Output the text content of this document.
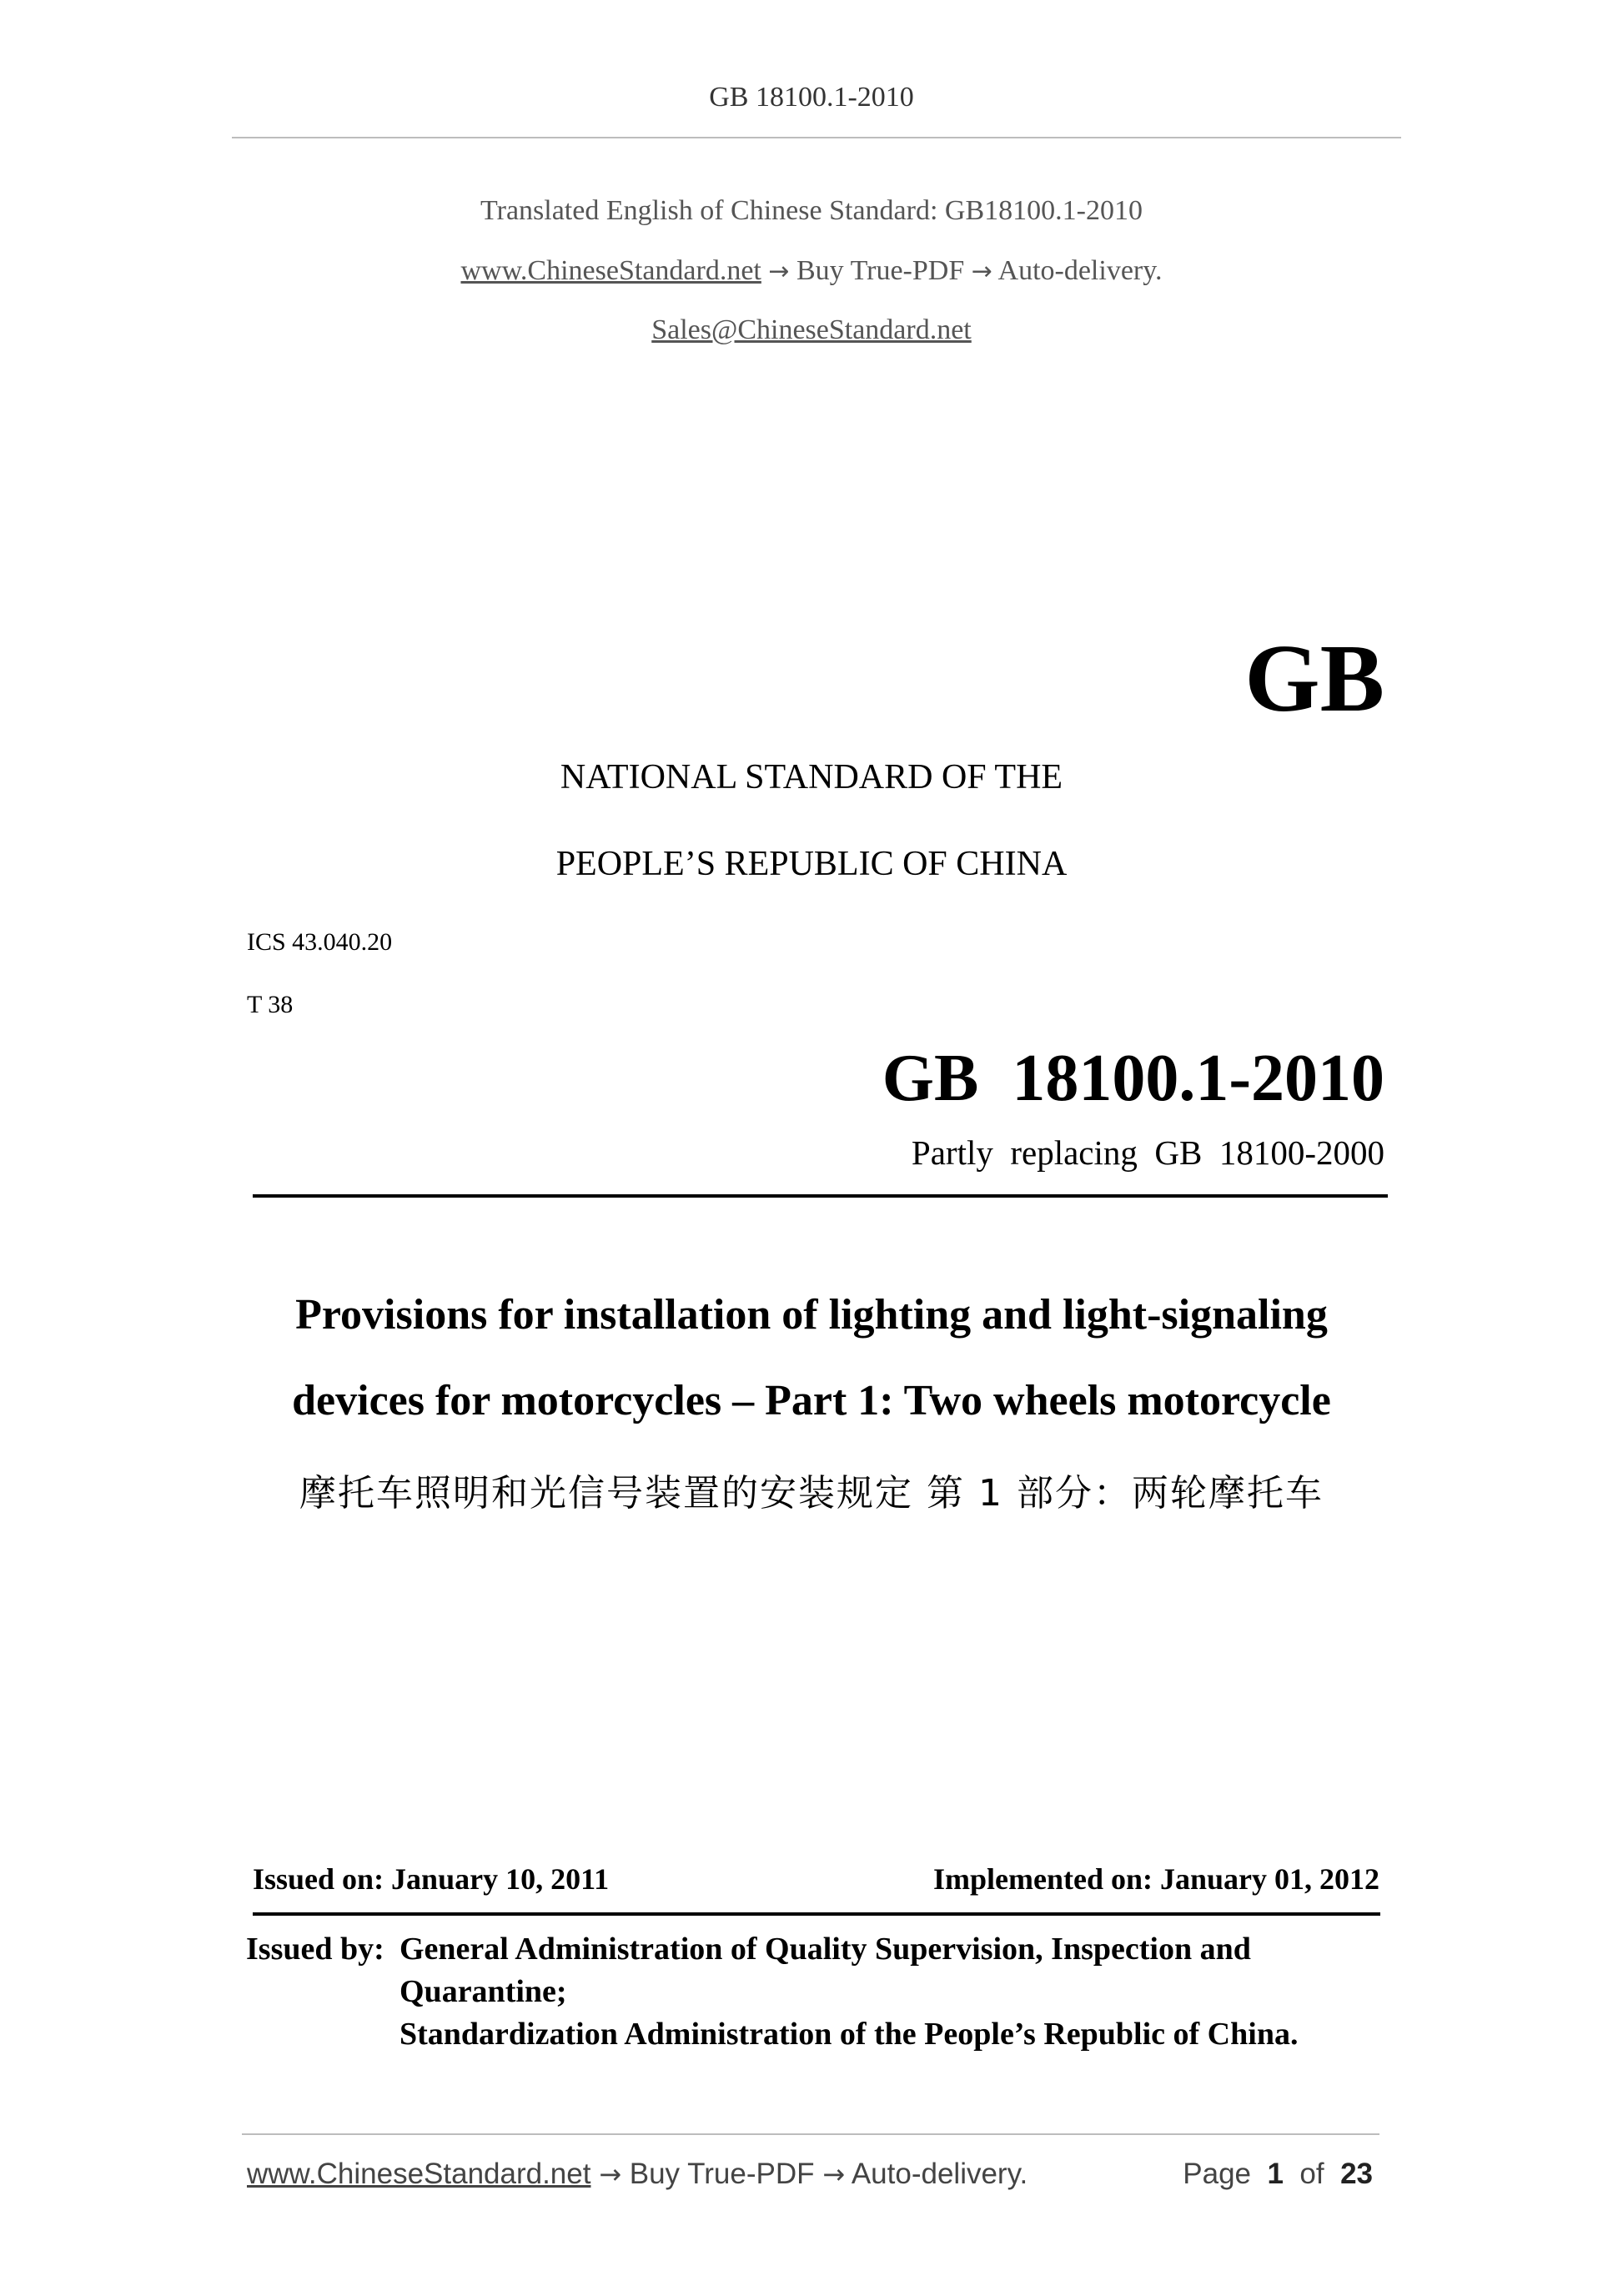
GB 18100.1-2010
Translated English of Chinese Standard: GB18100.1-2010
www.ChineseStandard.net → Buy True-PDF → Auto-delivery.
Sales@ChineseStandard.net
GB
NATIONAL STANDARD OF THE
PEOPLE’S REPUBLIC OF CHINA
ICS 43.040.20
T 38
GB  18100.1-2010
Partly  replacing  GB  18100-2000
Provisions for installation of lighting and light-signaling
devices for motorcycles – Part 1: Two wheels motorcycle
摩托车照明和光信号装置的安装规定 第 1 部分：两轮摩托车
Issued on: January 10, 2011	Implemented on: January 01, 2012
Issued by: General Administration of Quality Supervision, Inspection and
Quarantine;
Standardization Administration of the People’s Republic of China.
www.ChineseStandard.net → Buy True-PDF → Auto-delivery.	Page 1 of 23
